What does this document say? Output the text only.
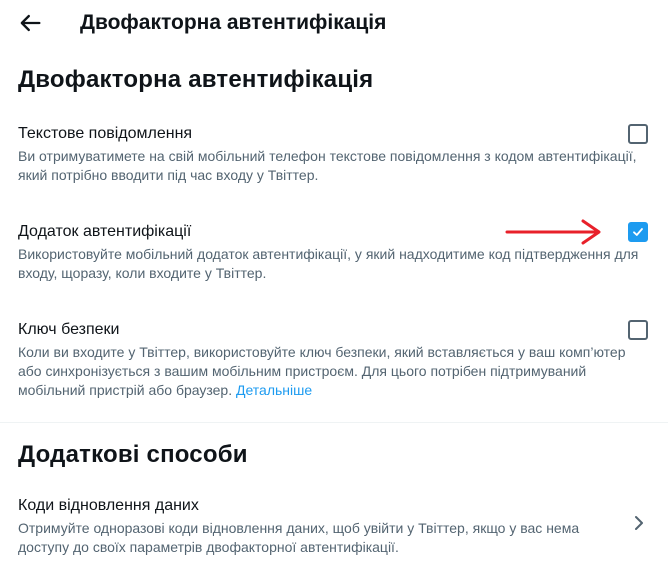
Двофакторна автентифікація
Двофакторна автентифікація
Текстове повідомлення
Ви отримуватимете на свій мобільний телефон текстове повідомлення з кодом автентифікації, який потрібно вводити під час входу у Твіттер.
Додаток автентифікації
Використовуйте мобільний додаток автентифікації, у який надходитиме код підтвердження для входу, щоразу, коли входите у Твіттер.
Ключ безпеки
Коли ви входите у Твіттер, використовуйте ключ безпеки, який вставляється у ваш комп’ютер або синхронізується з вашим мобільним пристроєм. Для цього потрібен підтримуваний мобільний пристрій або браузер. Детальніше
Додаткові способи
Коди відновлення даних
Отримуйте одноразові коди відновлення даних, щоб увійти у Твіттер, якщо у вас нема доступу до своїх параметрів двофакторної автентифікації.
